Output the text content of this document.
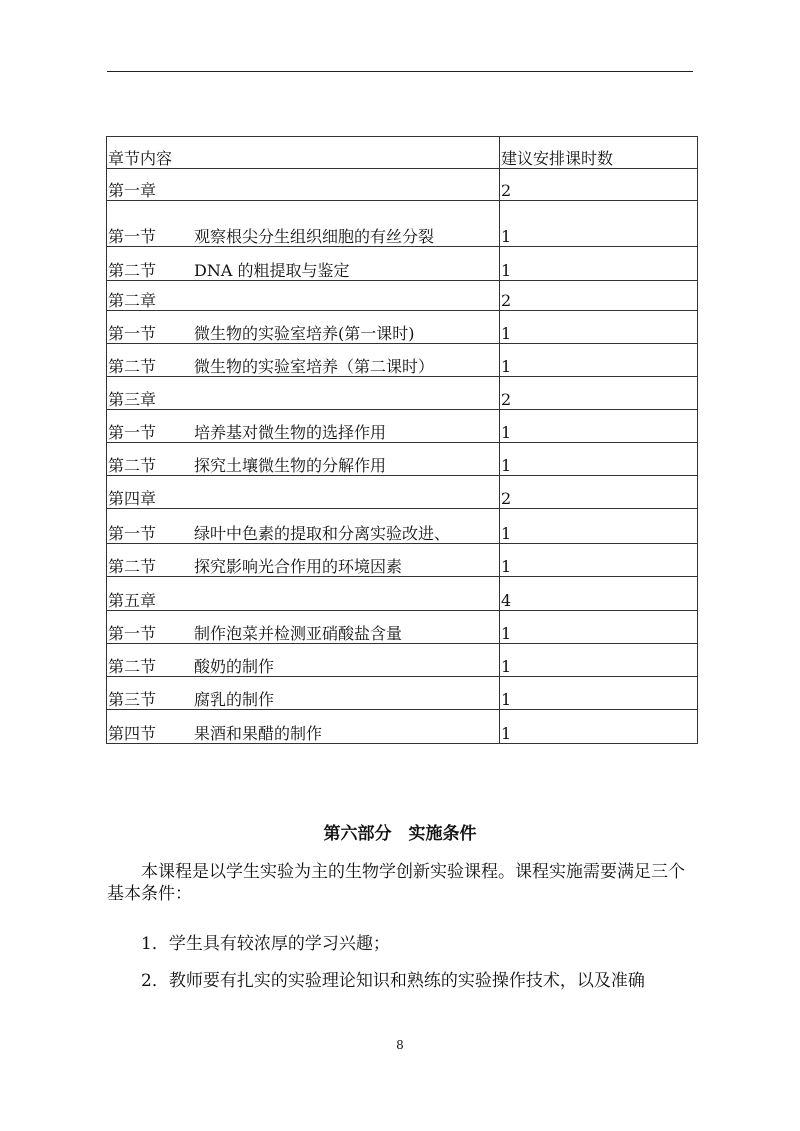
章节内容	建议安排课时数
第一章	2
第一节 观察根尖分生组织细胞的有丝分裂	1
第二节 DNA 的粗提取与鉴定	1
第二章	2
第一节 微生物的实验室培养(第一课时)	1
第二节 微生物的实验室培养（第二课时）	1
第三章	2
第一节 培养基对微生物的选择作用	1
第二节 探究土壤微生物的分解作用	1
第四章	2
第一节 绿叶中色素的提取和分离实验改进、	1
第二节 探究影响光合作用的环境因素	1
第五章	4
第一节 制作泡菜并检测亚硝酸盐含量	1
第二节 酸奶的制作	1
第三节 腐乳的制作	1
第四节 果酒和果醋的制作	1
第六部分　实施条件
本课程是以学生实验为主的生物学创新实验课程。课程实施需要满足三个基本条件：
1．学生具有较浓厚的学习兴趣；
2．教师要有扎实的实验理论知识和熟练的实验操作技术，以及准确
8
